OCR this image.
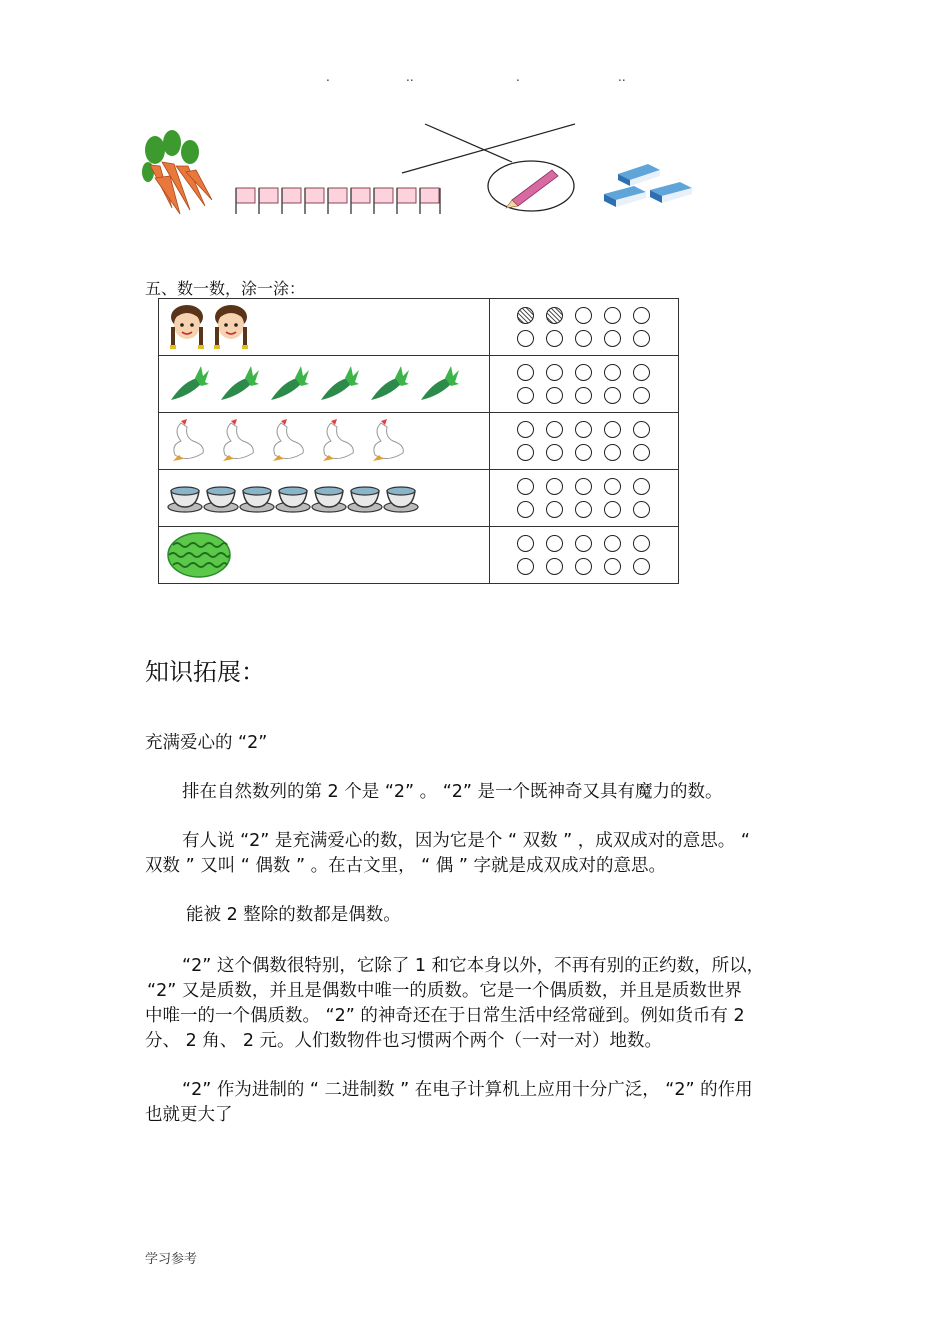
.	..	.	..
五、数一数，涂一涂：

知识拓展：
充满爱心的 “2”
排在自然数列的第 2 个是 “2” 。 “2” 是一个既神奇又具有魔力的数。
有人说 “2” 是充满爱心的数，因为它是个 “ 双数 ” ，成双成对的意思。 “
双数 ” 又叫 “ 偶数 ” 。在古文里， “ 偶 ” 字就是成双成对的意思。
能被 2 整除的数都是偶数。
“2” 这个偶数很特别，它除了 1 和它本身以外，不再有别的正约数，所以，
“2” 又是质数，并且是偶数中唯一的质数。它是一个偶质数，并且是质数世界
中唯一的一个偶质数。 “2” 的神奇还在于日常生活中经常碰到。例如货币有 2
分、 2 角、 2 元。人们数物件也习惯两个两个（一对一对）地数。
“2” 作为进制的 “ 二进制数 ” 在电子计算机上应用十分广泛， “2” 的作用
也就更大了
学习参考
